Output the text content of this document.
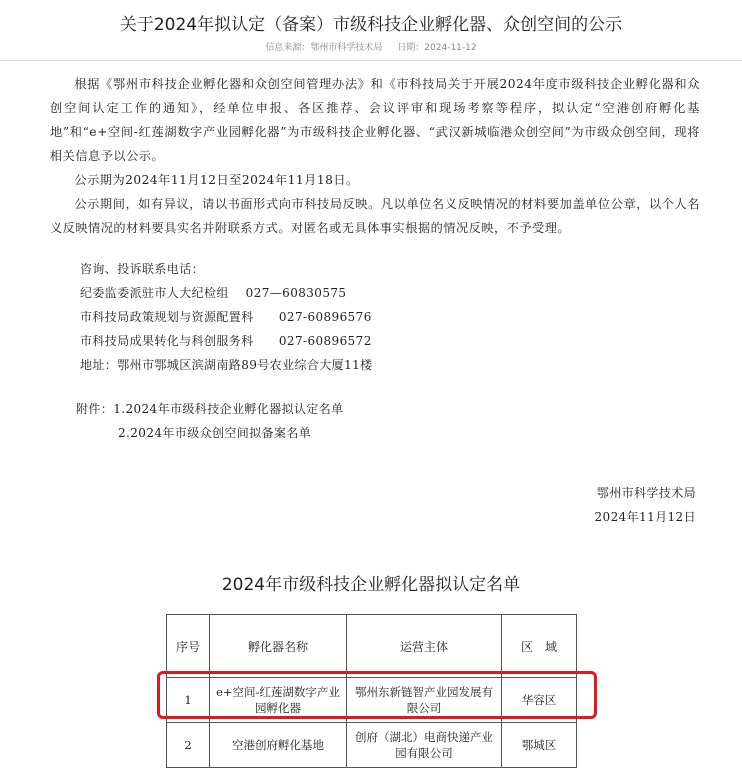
关于2024年拟认定（备案）市级科技企业孵化器、众创空间的公示
信息来源：鄂州市科学技术局 日期：2024-11-12

根据《鄂州市科技企业孵化器和众创空间管理办法》和《市科技局关于开展2024年度市级科技企业孵化器和众创空间认定工作的通知》，经单位申报、各区推荐、会议评审和现场考察等程序，拟认定“空港创府孵化基地”和“e+空间-红莲湖数字产业园孵化器”为市级科技企业孵化器、“武汉新城临港众创空间”为市级众创空间，现将相关信息予以公示。

公示期为2024年11月12日至2024年11月18日。

公示期间，如有异议，请以书面形式向市科技局反映。凡以单位名义反映情况的材料要加盖单位公章，以个人名义反映情况的材料要具实名并附联系方式。对匿名或无具体事实根据的情况反映，不予受理。

咨询、投诉联系电话：
纪委监委派驻市人大纪检组    027—60830575
市科技局政策规划与资源配置科      027-60896576
市科技局成果转化与科创服务科      027-60896572
地址：鄂州市鄂城区滨湖南路89号农业综合大厦11楼
附件：1.2024年市级科技企业孵化器拟认定名单
2.2024年市级众创空间拟备案名单
鄂州市科学技术局
2024年11月12日
2024年市级科技企业孵化器拟认定名单
序号	孵化器名称	运营主体	区　域
1	e+空间-红莲湖数字产业园孵化器	鄂州东新链智产业园发展有限公司	华容区
2	空港创府孵化基地	创府（湖北）电商快递产业园有限公司	鄂城区
